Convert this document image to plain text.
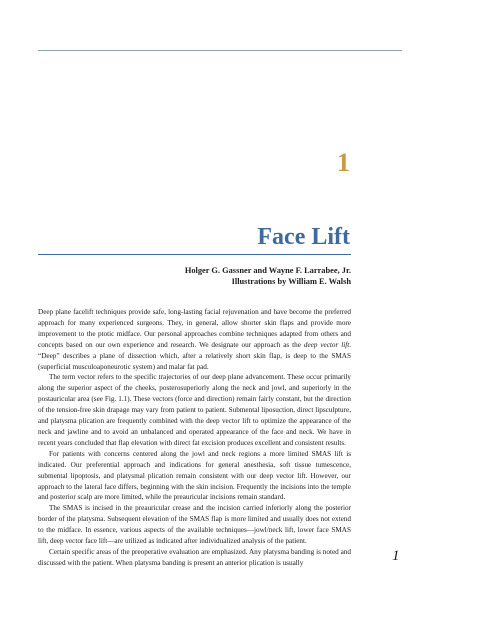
1
Face Lift
Holger G. Gassner and Wayne F. Larrabee, Jr.
Illustrations by William E. Walsh

Deep plane facelift techniques provide safe, long-lasting facial rejuvenation and have become the preferred approach for many experienced surgeons. They, in general, allow shorter skin flaps and provide more improvement to the ptotic midface. Our personal approaches combine techniques adapted from others and concepts based on our own experience and research. We designate our approach as the deep vector lift. “Deep” describes a plane of dissection which, after a relatively short skin flap, is deep to the SMAS (superficial musculoaponeurotic system) and malar fat pad.

The term vector refers to the specific trajectories of our deep plane advancement. These occur primarily along the superior aspect of the cheeks, posterosuperiorly along the neck and jowl, and superiorly in the postauricular area (see Fig. 1.1). These vectors (force and direction) remain fairly constant, but the direction of the tension-free skin drapage may vary from patient to patient. Submental liposuction, direct lipsculpture, and platysma plication are frequently combined with the deep vector lift to optimize the appearance of the neck and jawline and to avoid an unbalanced and operated appearance of the face and neck. We have in recent years concluded that flap elevation with direct fat excision produces excellent and consistent results.

For patients with concerns centered along the jowl and neck regions a more limited SMAS lift is indicated. Our preferential approach and indications for general anesthesia, soft tissue tumescence, submental lipoptosis, and platysmal plication remain consistent with our deep vector lift. However, our approach to the lateral face differs, beginning with the skin incision. Frequently the incisions into the temple and posterior scalp are more limited, while the preauricular incisions remain standard.

The SMAS is incised in the preauricular crease and the incision carried inferiorly along the posterior border of the platysma. Subsequent elevation of the SMAS flap is more limited and usually does not extend to the midface. In essence, various aspects of the available techniques—jowl/neck lift, lower face SMAS lift, deep vector face lift—are utilized as indicated after individualized analysis of the patient.

Certain specific areas of the preoperative evaluation are emphasized. Any platysma banding is noted and discussed with the patient. When platysma banding is present an anterior plication is usually	1
